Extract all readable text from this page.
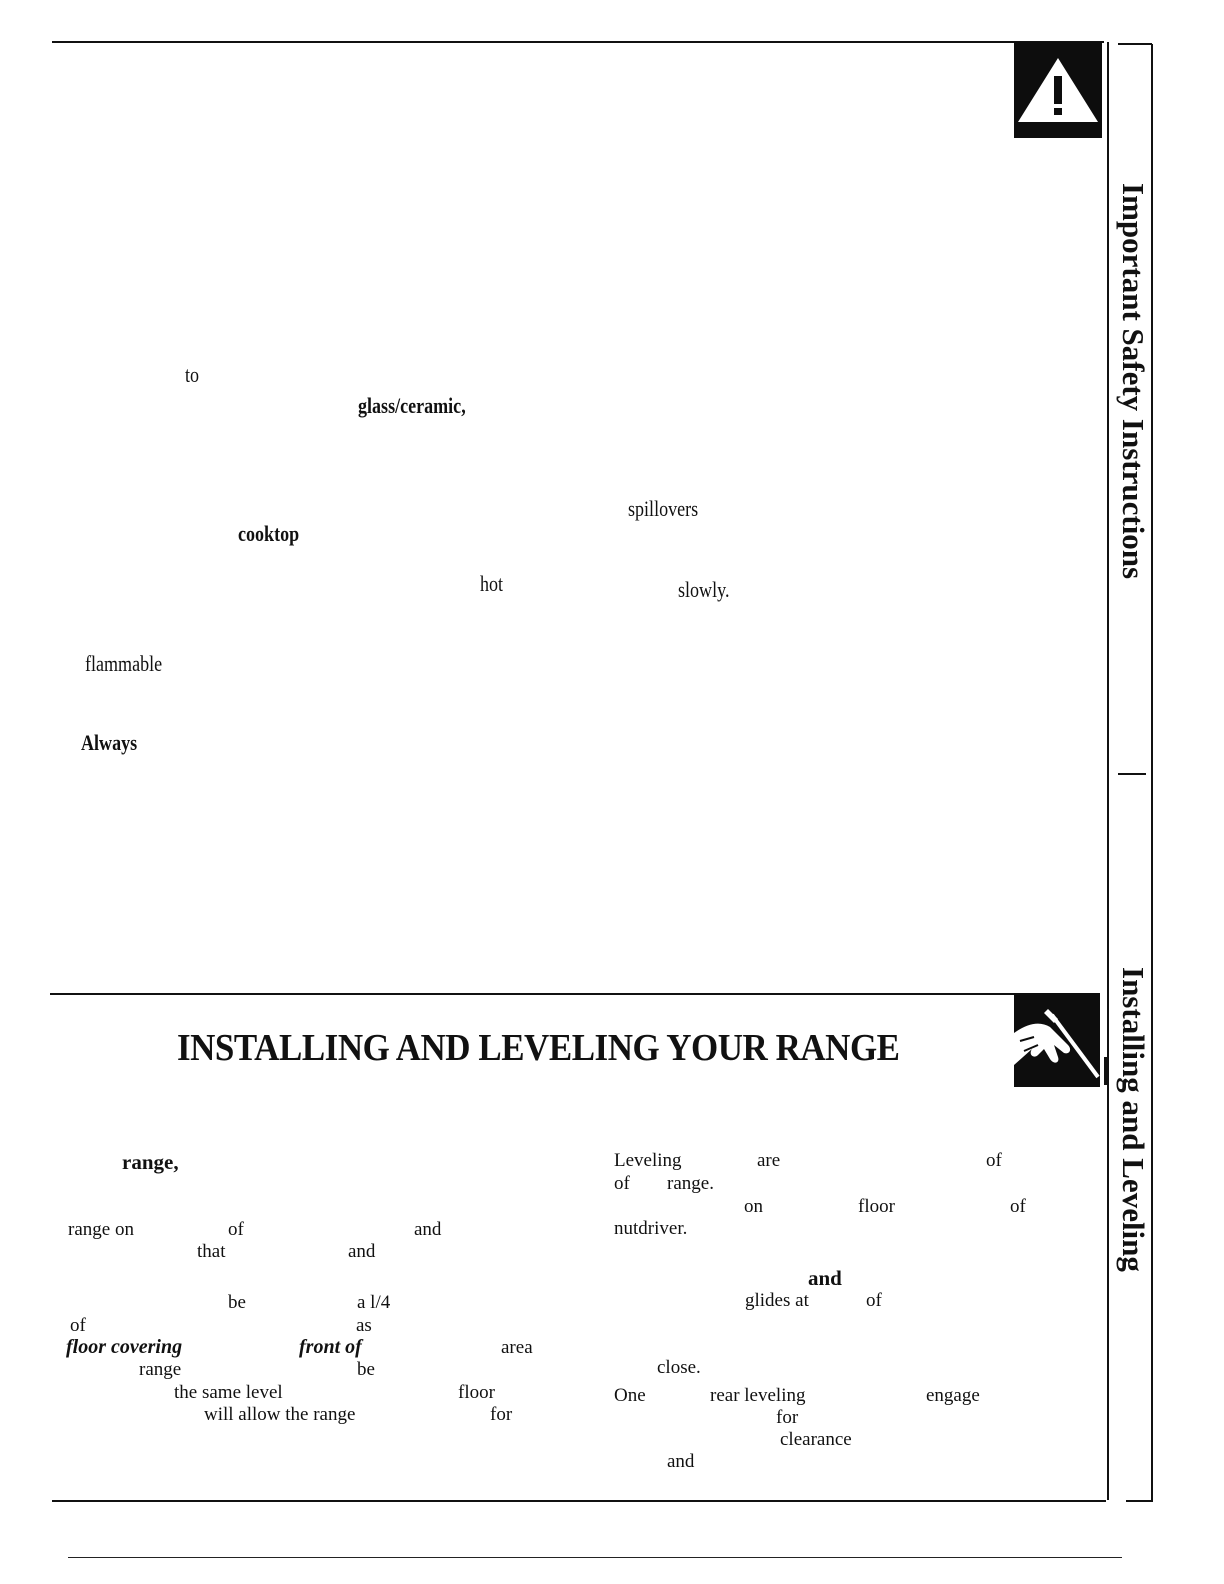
Important Safety Instructions
Installing and Leveling
to
glass/ceramic,
spillovers
cooktop
hot	slowly.
flammable
Always
INSTALLING AND LEVELING YOUR RANGE
range,
range on	of	and
that	and
be	a l/4
of	as
floor covering	front of	area
range	be
the same level	floor
will allow the range	for
Leveling	are	of
of range.
on	floor	of
nutdriver.
and
glides at	of
close.
One	rear leveling	engage
for
clearance
and
